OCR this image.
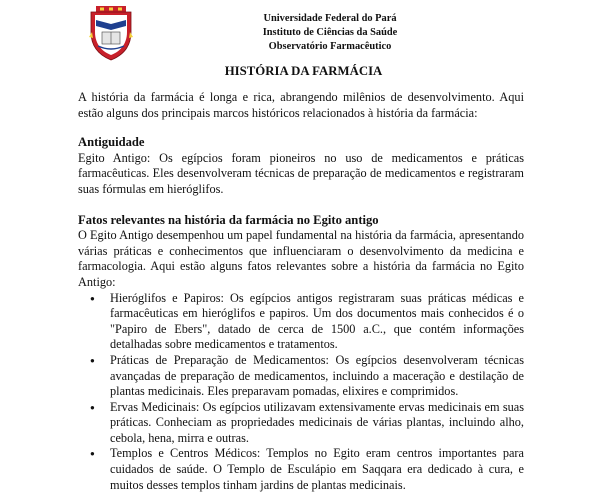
Universidade Federal do Pará
Instituto de Ciências da Saúde
Observatório Farmacêutico
HISTÓRIA DA FARMÁCIA

A história da farmácia é longa e rica, abrangendo milênios de desenvolvimento. Aqui estão alguns dos principais marcos históricos relacionados à história da farmácia:

Antiguidade

Egito Antigo: Os egípcios foram pioneiros no uso de medicamentos e práticas farmacêuticas. Eles desenvolveram técnicas de preparação de medicamentos e registraram suas fórmulas em hieróglifos.

Fatos relevantes na história da farmácia no Egito antigo

O Egito Antigo desempenhou um papel fundamental na história da farmácia, apresentando várias práticas e conhecimentos que influenciaram o desenvolvimento da medicina e farmacologia. Aqui estão alguns fatos relevantes sobre a história da farmácia no Egito Antigo:

● Hieróglifos e Papiros: Os egípcios antigos registraram suas práticas médicas e farmacêuticas em hieróglifos e papiros. Um dos documentos mais conhecidos é o "Papiro de Ebers", datado de cerca de 1500 a.C., que contém informações detalhadas sobre medicamentos e tratamentos.
● Práticas de Preparação de Medicamentos: Os egípcios desenvolveram técnicas avançadas de preparação de medicamentos, incluindo a maceração e destilação de plantas medicinais. Eles preparavam pomadas, elixires e comprimidos.
● Ervas Medicinais: Os egípcios utilizavam extensivamente ervas medicinais em suas práticas. Conheciam as propriedades medicinais de várias plantas, incluindo alho, cebola, hena, mirra e outras.
● Templos e Centros Médicos: Templos no Egito eram centros importantes para cuidados de saúde. O Templo de Esculápio em Saqqara era dedicado à cura, e muitos desses templos tinham jardins de plantas medicinais.
